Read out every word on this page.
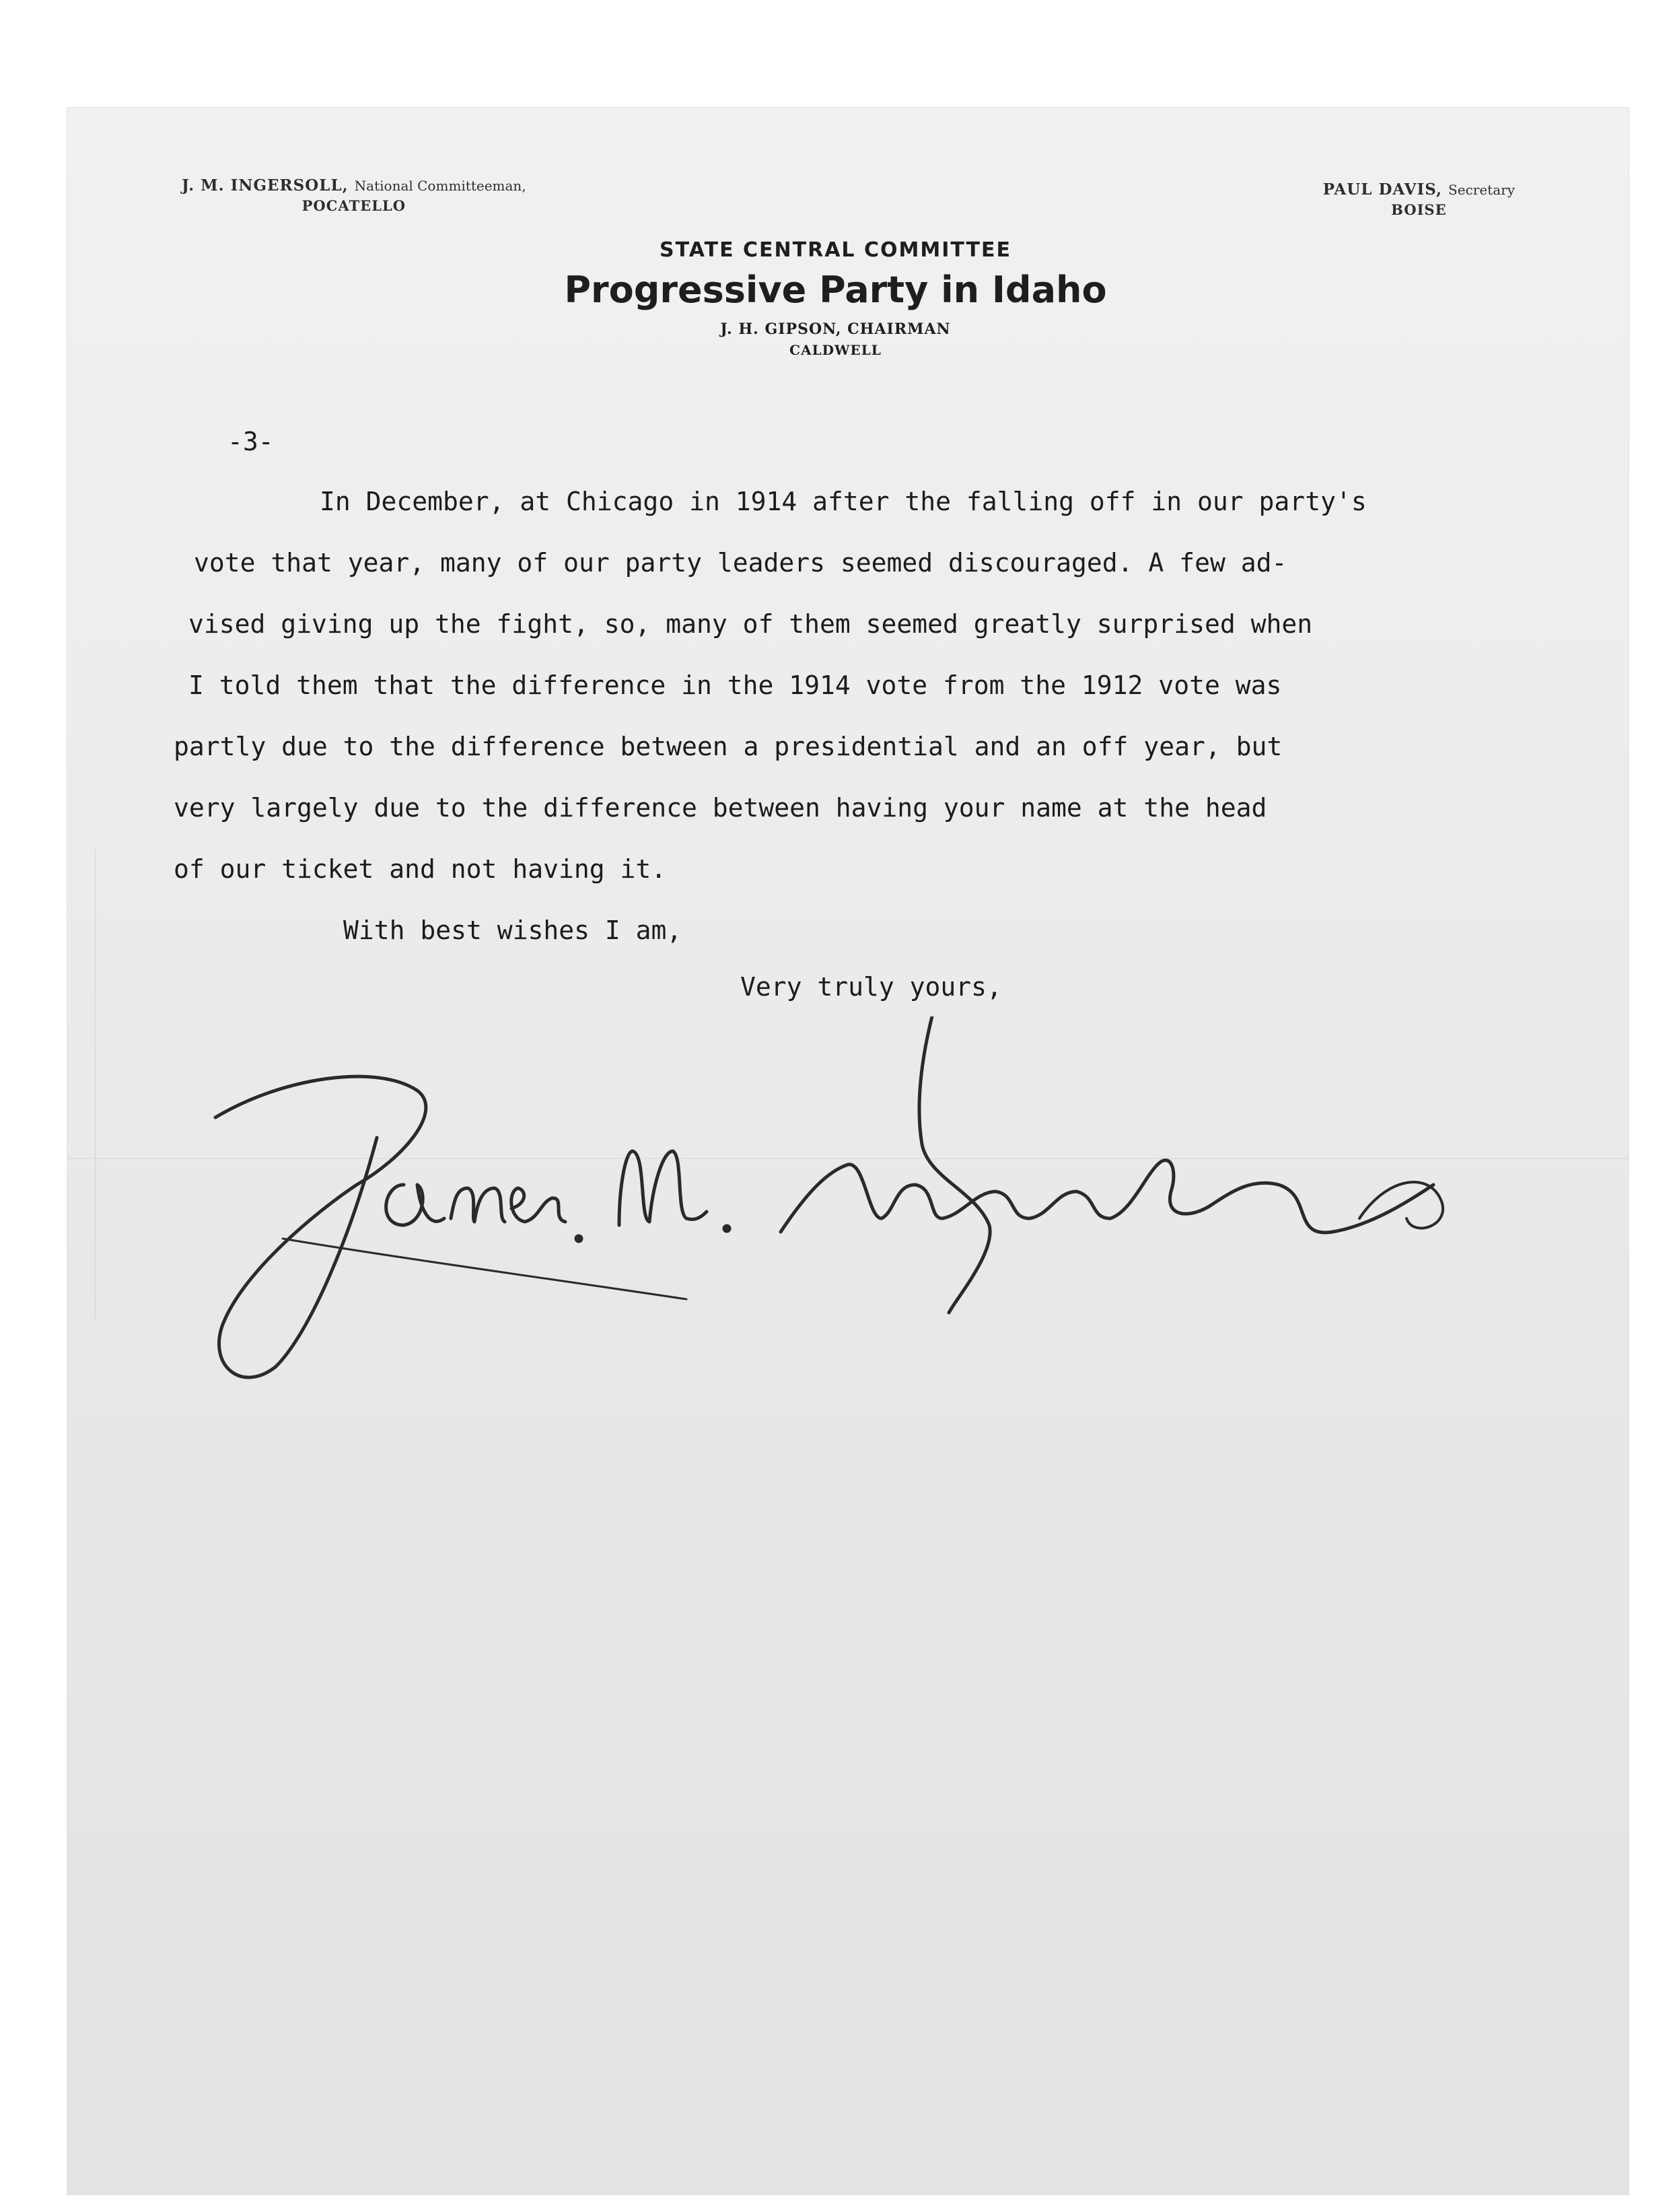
J. M. INGERSOLL, National Committeeman,
POCATELLO
PAUL DAVIS, Secretary
BOISE
STATE CENTRAL COMMITTEE
Progressive Party in Idaho
J. H. GIPSON, CHAIRMAN
CALDWELL
-3-
In December, at Chicago in 1914 after the falling off in our party's
vote that year, many of our party leaders seemed discouraged. A few ad-
vised giving up the fight, so, many of them seemed greatly surprised when
I told them that the difference in the 1914 vote from the 1912 vote was
partly due to the difference between a presidential and an off year, but
very largely due to the difference between having your name at the head
of our ticket and not having it.
With best wishes I am,
Very truly yours,
